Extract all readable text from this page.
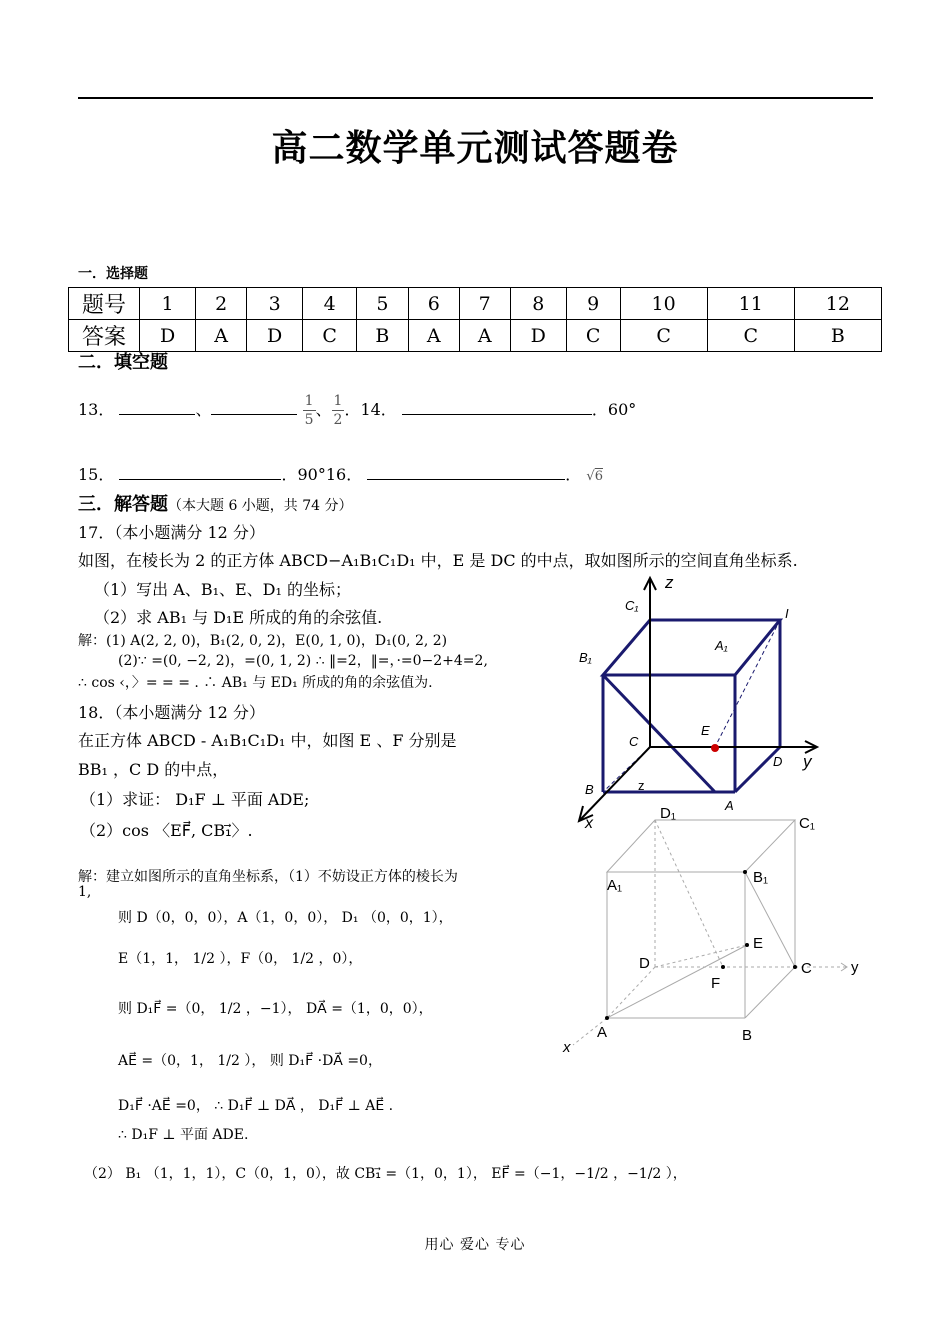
高二数学单元测试答题卷
一．选择题
题号	1	2	3	4	5	6	7	8	9	10	11	12
答案	D	A	D	C	B	A	A	D	C	C	C	B
二．填空题
13．	、	$\frac{1}{5}$ 、 $\frac{1}{2}$ ．14．	．60°
15．	．90°16．	． √6
三．解答题（本大题 6 小题，共 74 分）
17．（本小题满分 12 分）
如图，在棱长为 2 的正方体 ABCD−A₁B₁C₁D₁ 中，E 是 DC 的中点，取如图所示的空间直角坐标系.
（1）写出 A、B₁、E、D₁ 的坐标；
（2）求 AB₁ 与 D₁E 所成的角的余弦值.
解：(1) A(2, 2, 0)，B₁(2, 0, 2)，E(0, 1, 0)，D₁(0, 2, 2)
(2)∵ =(0, −2, 2)，=(0, 1, 2) ∴ ‖=2，‖=，·=0−2+4=2,
∴ cos ‹，〉= = = . ∴ AB₁ 与 ED₁ 所成的角的余弦值为.
18．（本小题满分 12 分）
在正方体 ABCD - A₁B₁C₁D₁ 中，如图 E 、F 分别是
BB₁ ，C D 的中点，
（1）求证： D₁F ⊥ 平面 ADE;
（2）cos 〈EF⃗, CB₁⃗〉.
解：建立如图所示的直角坐标系，（1）不妨设正方体的棱长为
1,
则 D（0，0，0），A（1，0，0）， D₁ （0，0，1），
E（1，1， 1/2 ），F（0， 1/2 ，0），
则 D₁F⃗ =（0， 1/2 ，−1）， DA⃗ =（1，0，0），
AE⃗ =（0，1， 1/2 ）， 则 D₁F⃗ ·DA⃗ =0，
D₁F⃗ ·AE⃗ =0， ∴ D₁F⃗ ⊥ DA⃗ ， D₁F⃗ ⊥ AE⃗ .
∴ D₁F ⊥ 平面 ADE.
（2） B₁ （1，1，1），C（0，1，0），故 CB₁⃗ =（1，0，1）， EF⃗ =（−1，−1/2 ，−1/2 ），
z
C₁
I
A₁
B₁
E
C
D y
B
A
x
z
D₁
C₁
A₁	B₁
E
D
F
C	y
A	B
x
用心 爱心 专心
